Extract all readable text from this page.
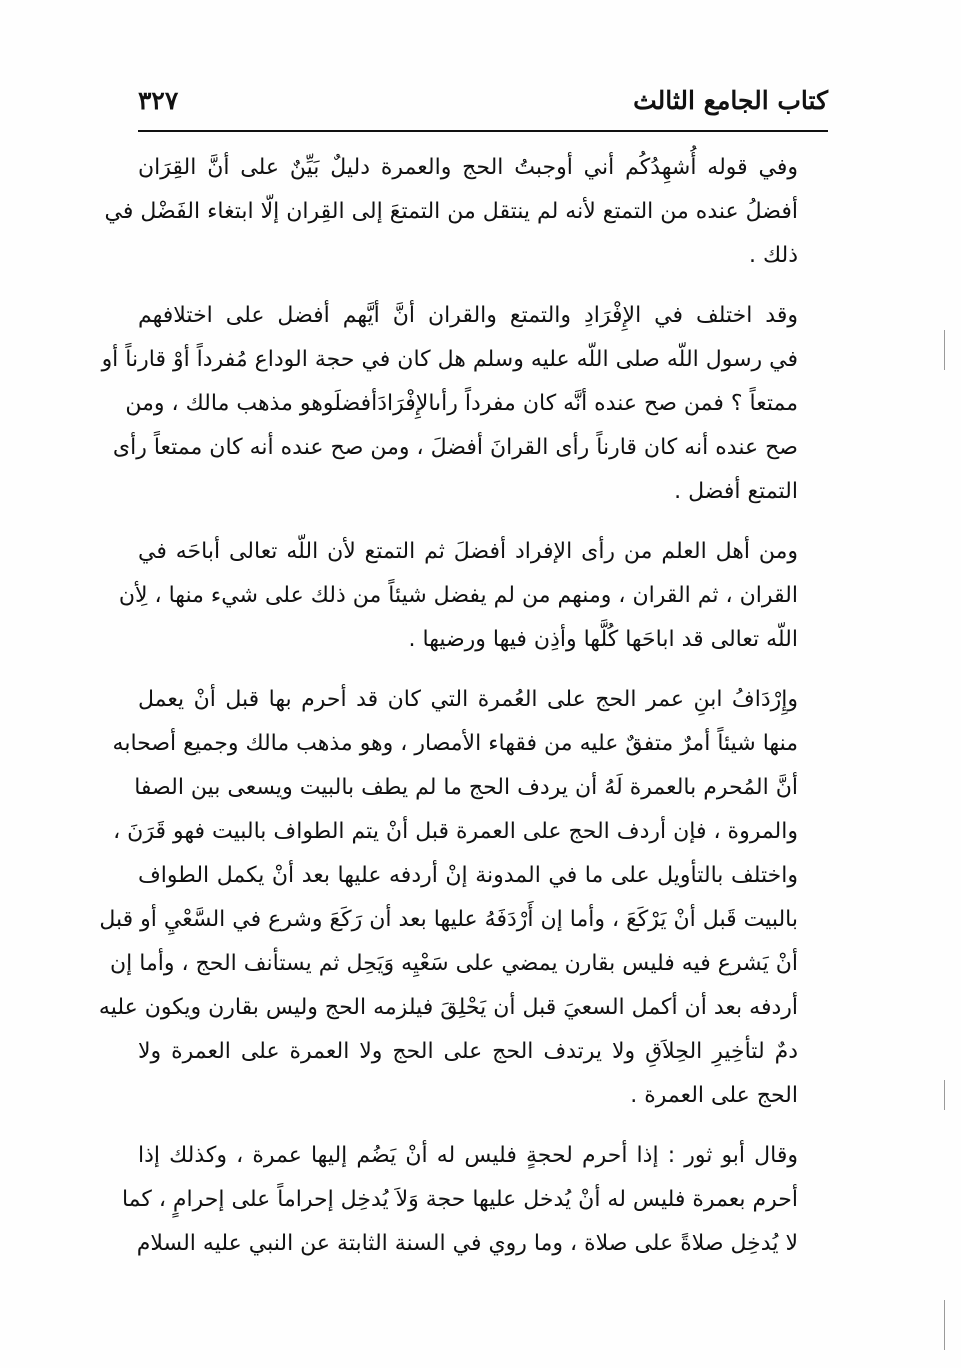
كتاب الجامع الثالث
٣٢٧
وفي قوله أُشهِدُكُم أني أوجبتُ الحج والعمرة دليلٌ بَيِّنٌ على أنَّ القِرَان
أفضلُ عنده من التمتع لأنه لم ينتقل من التمتعَ إلى القِران إلّا ابتغاء الفَضْل في
ذلك .
وقد اختلف في الإِفْرَادِ والتمتع والقران أنَّ أيَّهم أفضل على اختلافهم
في رسول اللّه صلى اللّه عليه وسلم هل كان في حجة الوداع مُفرداً أوْ قارناً أو
ممتعاً ؟ فمن صح عنده أنَّه كان مفرداً رأىالإِفْرَادَأفضلَوهو مذهب مالك ، ومن
صح عنده أنه كان قارناً رأى القرانَ أفضلَ ، ومن صح عنده أنه كان ممتعاً رأى
التمتع أفضل .
ومن أهل العلم من رأى الإفراد أفضلَ ثم التمتع لأن اللّه تعالى أباحَه في
القران ، ثم القران ، ومنهم من لم يفضل شيئاً من ذلك على شيء منها ، لِأن
اللّه تعالى قد اباحَها كُلَّها وأذِن فيها ورضيها .
وإِرْدَافُ ابنِ عمر الحج على العُمرة التي كان قد أحرم بها قبل أنْ يعمل
منها شيئاً أمرٌ متفقٌ عليه من فقهاء الأمصار ، وهو مذهب مالك وجميع أصحابه
أنَّ المُحرم بالعمرة لَهُ أن يردف الحج ما لم يطف بالبيت ويسعى بين الصفا
والمروة ، فإن أردف الحج على العمرة قبل أنْ يتم الطواف بالبيت فهو قَرَنَ ،
واختلف بالتأويل على ما في المدونة إنْ أردفه عليها بعد أنْ يكمل الطواف
بالبيت قَبل أنْ يَرْكَعَ ، وأما إن أَرْدَفَهُ عليها بعد أن رَكَعَ وشرع في السَّعْيِ أو قبل
أنْ يَشرع فيه فليس بقارن يمضي على سَعْيِه وَيَحِل ثم يستأنف الحج ، وأما إن
أردفه بعد أن أكمل السعيَ قبل أن يَحْلِقَ فيلزمه الحج وليس بقارن ويكون عليه
دمٌ لتأخِيرِ الحِلاَقِ ولا يرتدف الحج على الحج ولا العمرة على العمرة ولا
الحج على العمرة .
وقال أبو ثور : إذا أحرم لحجةٍ فليس له أنْ يَضُم إليها عمرة ، وكذلك إذا
أحرم بعمرة فليس له أنْ يُدخل عليها حجة وَلاَ يُدخِل إحراماً على إحرامٍ ، كما
لا يُدخِل صلاةً على صلاة ، وما روي في السنة الثابتة عن النبي عليه السلام
